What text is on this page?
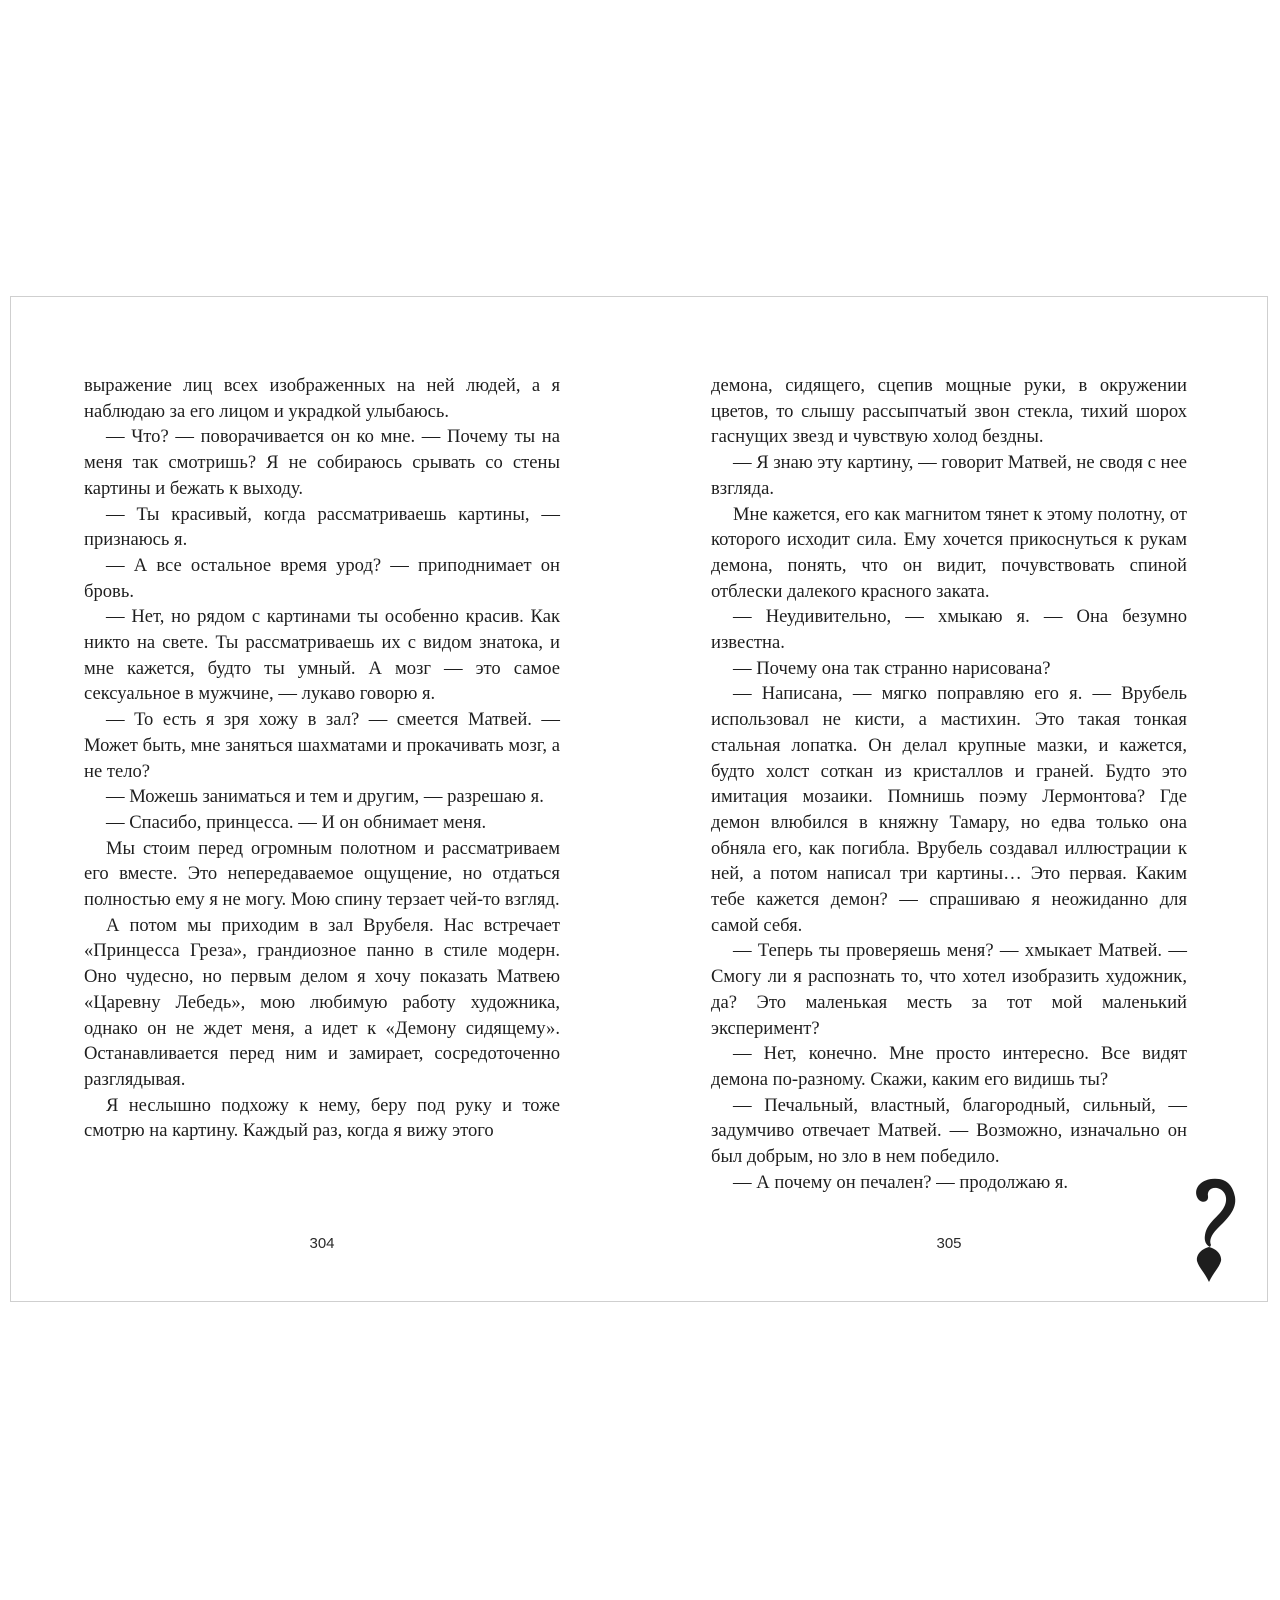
выражение лиц всех изображенных на ней людей, а я наблюдаю за его лицом и украдкой улыбаюсь.

— Что? — поворачивается он ко мне. — Почему ты на меня так смотришь? Я не собираюсь срывать со стены картины и бежать к выходу.

— Ты красивый, когда рассматриваешь картины, — признаюсь я.

— А все остальное время урод? — приподнимает он бровь.

— Нет, но рядом с картинами ты особенно красив. Как никто на свете. Ты рассматриваешь их с видом знатока, и мне кажется, будто ты умный. А мозг — это самое сексуальное в мужчине, — лукаво говорю я.

— То есть я зря хожу в зал? — смеется Матвей. — Может быть, мне заняться шахматами и прокачивать мозг, а не тело?

— Можешь заниматься и тем и другим, — разрешаю я.

— Спасибо, принцесса. — И он обнимает меня.

Мы стоим перед огромным полотном и рассматриваем его вместе. Это непередаваемое ощущение, но отдаться полностью ему я не могу. Мою спину терзает чей-то взгляд.

А потом мы приходим в зал Врубеля. Нас встречает «Принцесса Греза», грандиозное панно в стиле модерн. Оно чудесно, но первым делом я хочу показать Матвею «Царевну Лебедь», мою любимую работу художника, однако он не ждет меня, а идет к «Демону сидящему». Останавливается перед ним и замирает, сосредоточенно разглядывая.

Я неслышно подхожу к нему, беру под руку и тоже смотрю на картину. Каждый раз, когда я вижу этого

демона, сидящего, сцепив мощные руки, в окружении цветов, то слышу рассыпчатый звон стекла, тихий шорох гаснущих звезд и чувствую холод бездны.

— Я знаю эту картину, — говорит Матвей, не сводя с нее взгляда.

Мне кажется, его как магнитом тянет к этому полотну, от которого исходит сила. Ему хочется прикоснуться к рукам демона, понять, что он видит, почувствовать спиной отблески далекого красного заката.

— Неудивительно, — хмыкаю я. — Она безумно известна.

— Почему она так странно нарисована?

— Написана, — мягко поправляю его я. — Врубель использовал не кисти, а мастихин. Это такая тонкая стальная лопатка. Он делал крупные мазки, и кажется, будто холст соткан из кристаллов и граней. Будто это имитация мозаики. Помнишь поэму Лермонтова? Где демон влюбился в княжну Тамару, но едва только она обняла его, как погибла. Врубель создавал иллюстрации к ней, а потом написал три картины… Это первая. Каким тебе кажется демон? — спрашиваю я неожиданно для самой себя.

— Теперь ты проверяешь меня? — хмыкает Матвей. — Смогу ли я распознать то, что хотел изобразить художник, да? Это маленькая месть за тот мой маленький эксперимент?

— Нет, конечно. Мне просто интересно. Все видят демона по-разному. Скажи, каким его видишь ты?

— Печальный, властный, благородный, сильный, — задумчиво отвечает Матвей. — Возможно, изначально он был добрым, но зло в нем победило.

— А почему он печален? — продолжаю я.

304	305
